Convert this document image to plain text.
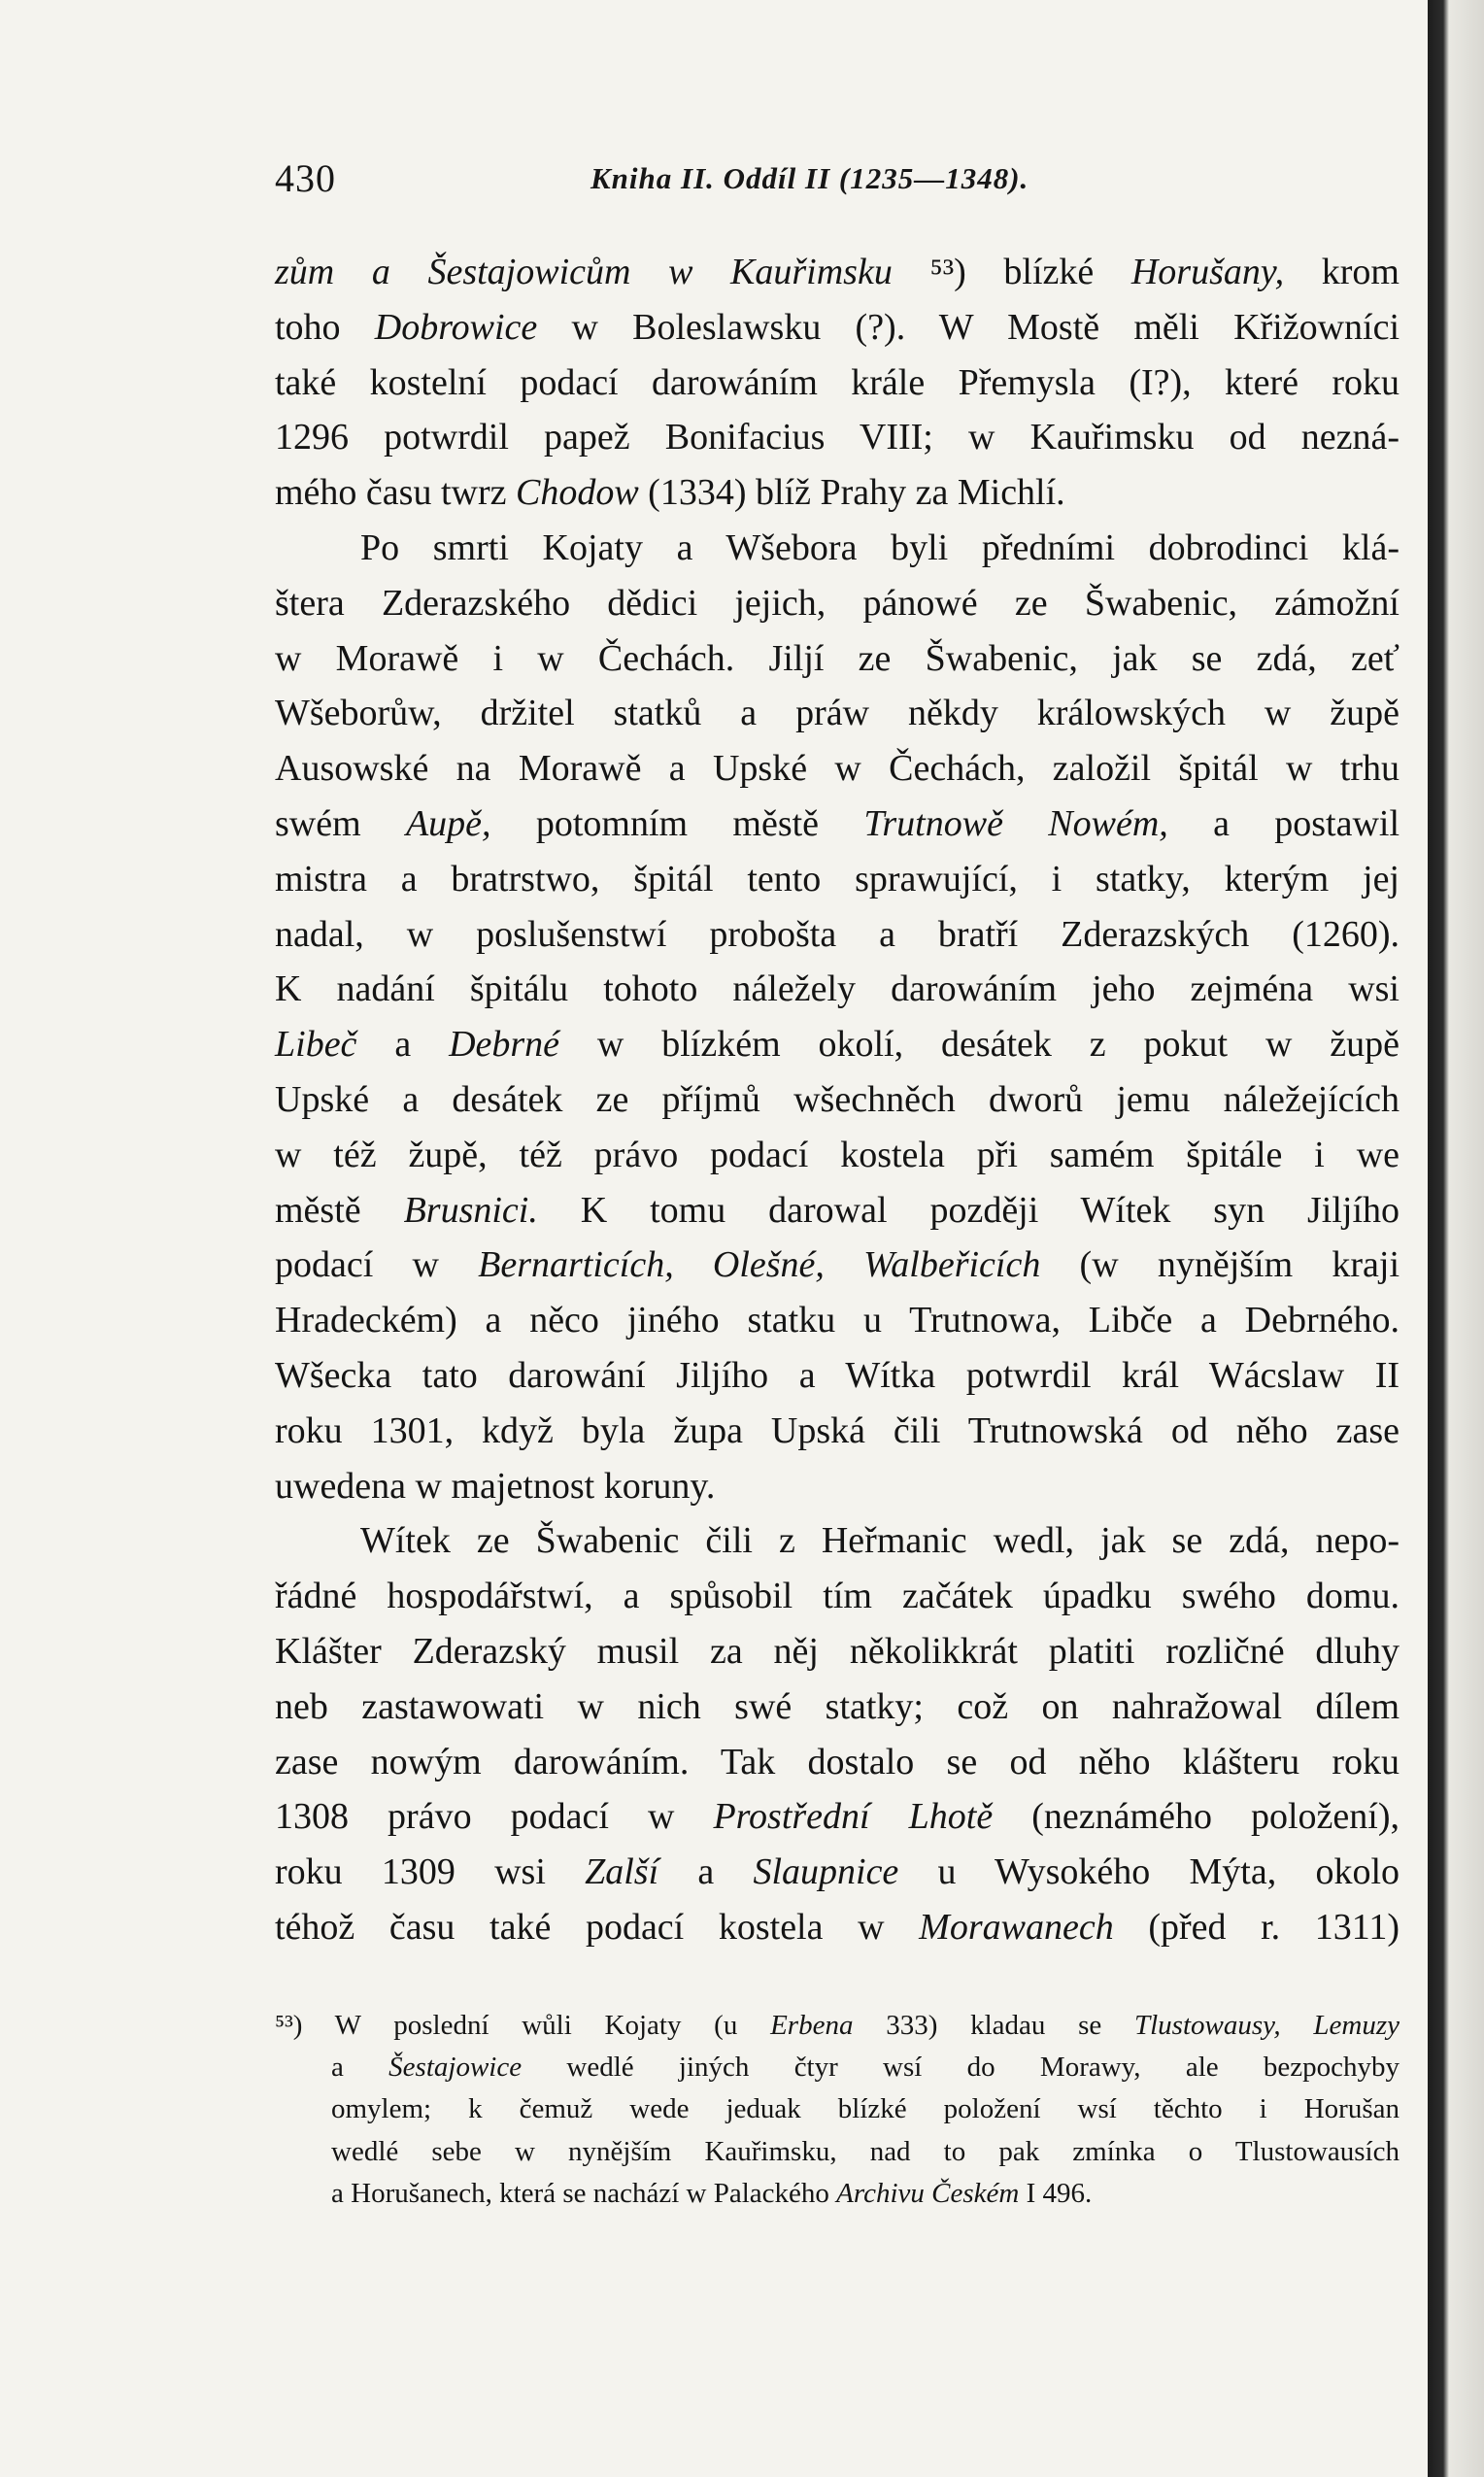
430	Kniha II. Oddíl II (1235—1348).

zům a Šestajowicům w Kauřimsku ⁵³) blízké Horušany, krom
toho Dobrowice w Boleslawsku (?). W Mostě měli Křižowníci
také kostelní podací darowáním krále Přemysla (I?), které roku
1296 potwrdil papež Bonifacius VIII; w Kauřimsku od nezná-
mého času twrz Chodow (1334) blíž Prahy za Michlí.

Po smrti Kojaty a Wšebora byli předními dobrodinci klá-
štera Zderazského dědici jejich, pánowé ze Šwabenic, zámožní
w Morawě i w Čechách. Jiljí ze Šwabenic, jak se zdá, zeť
Wšeborůw, držitel statků a práw někdy králowských w župě
Ausowské na Morawě a Upské w Čechách, založil špitál w trhu
swém Aupě, potomním městě Trutnowě Nowém, a postawil
mistra a bratrstwo, špitál tento sprawující, i statky, kterým jej
nadal, w poslušenstwí probošta a bratří Zderazských (1260).
K nadání špitálu tohoto náležely darowáním jeho zejména wsi
Libeč a Debrné w blízkém okolí, desátek z pokut w župě
Upské a desátek ze příjmů wšechněch dworů jemu náležejících
w též župě, též právo podací kostela při samém špitále i we
městě Brusnici. K tomu darowal později Wítek syn Jiljího
podací w Bernarticích, Olešné, Walbeřicích (w nynějším kraji
Hradeckém) a něco jiného statku u Trutnowa, Libče a Debrného.
Wšecka tato darowání Jiljího a Wítka potwrdil král Wácslaw II
roku 1301, když byla župa Upská čili Trutnowská od něho zase
uwedena w majetnost koruny.

Wítek ze Šwabenic čili z Heřmanic wedl, jak se zdá, nepo-
řádné hospodářstwí, a spůsobil tím začátek úpadku swého domu.
Klášter Zderazský musil za něj několikkrát platiti rozličné dluhy
neb zastawowati w nich swé statky; což on nahražowal dílem
zase nowým darowáním. Tak dostalo se od něho klášteru roku
1308 právo podací w Prostřední Lhotě (neznámého položení),
roku 1309 wsi Zalší a Slaupnice u Wysokého Mýta, okolo
téhož času také podací kostela w Morawanech (před r. 1311)

⁵³) W poslední wůli Kojaty (u Erbena 333) kladau se Tlustowausy, Lemuzy
a Šestajowice wedlé jiných čtyr wsí do Morawy, ale bezpochyby
omylem; k čemuž wede jeduak blízké položení wsí těchto i Horušan
wedlé sebe w nynějším Kauřimsku, nad to pak zmínka o Tlustowausích
a Horušanech, která se nachází w Palackého Archivu Českém I 496.
